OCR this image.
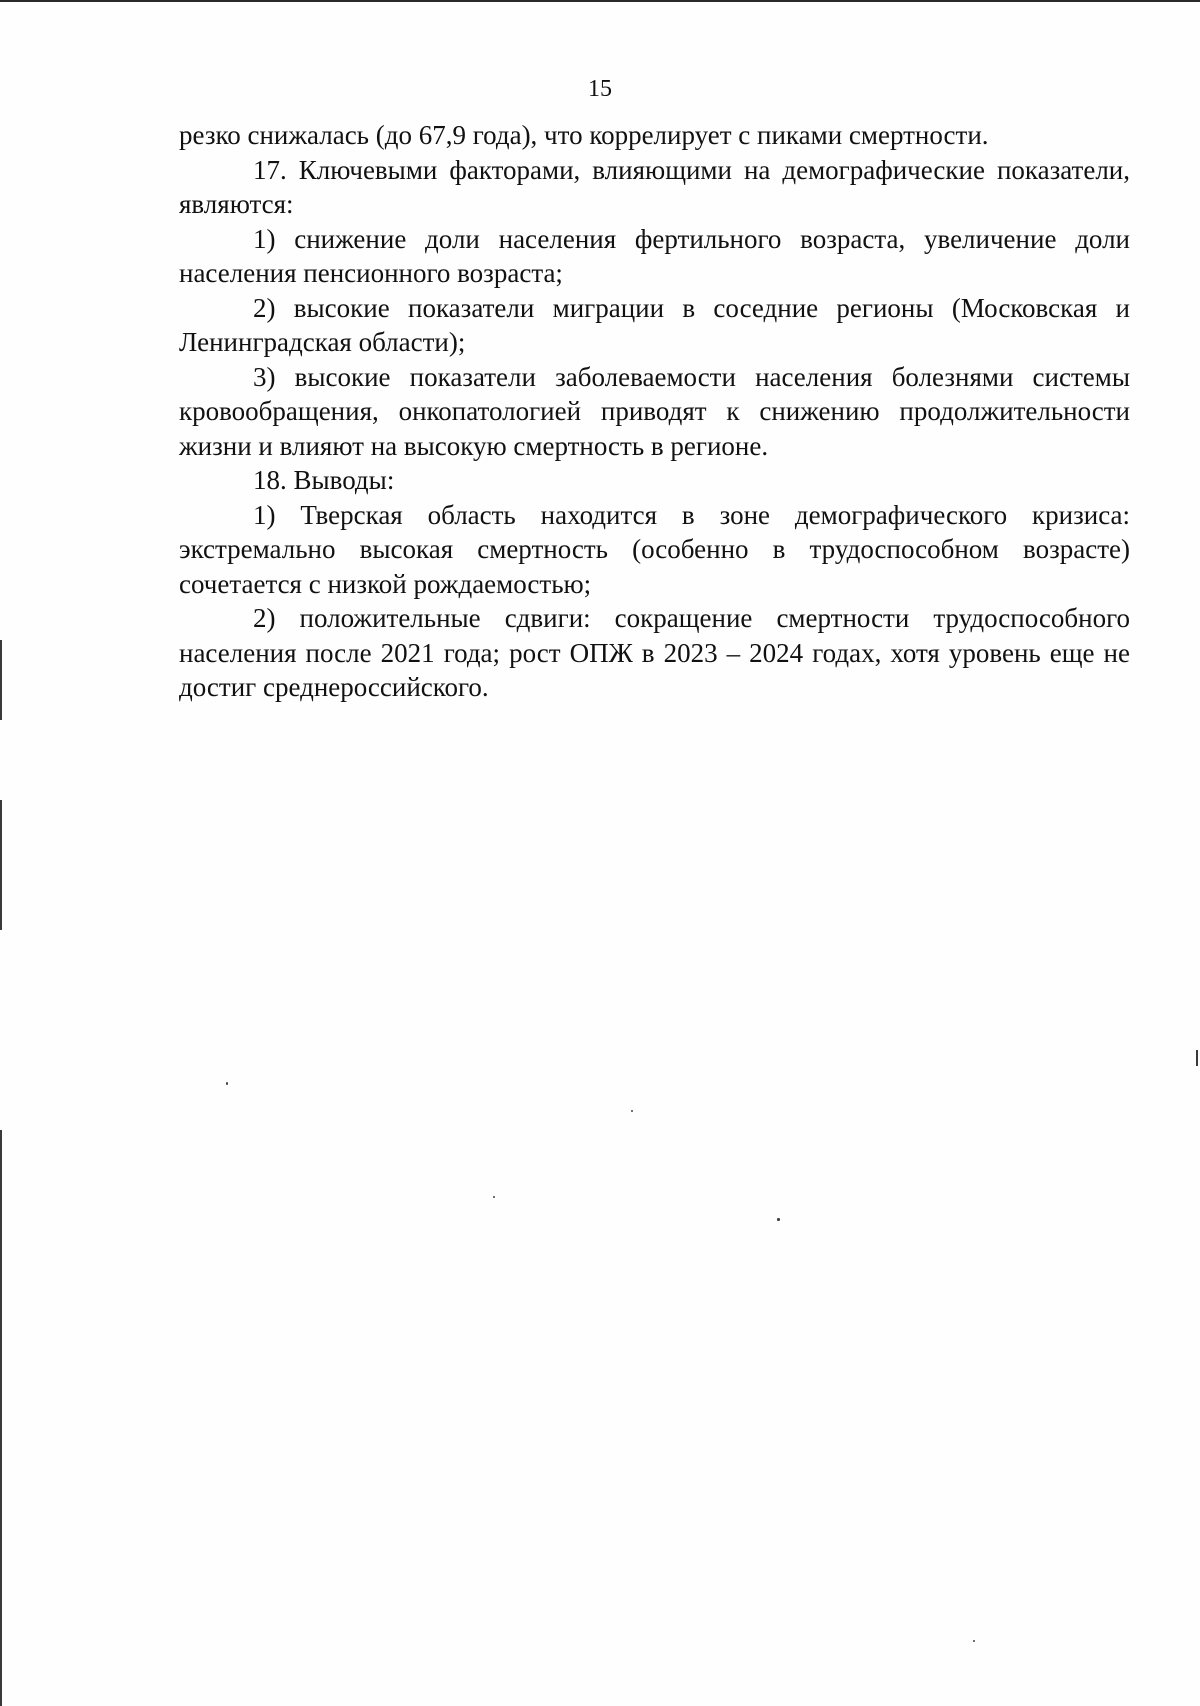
15

резко снижалась (до 67,9 года), что коррелирует с пиками смертности.

17. Ключевыми факторами, влияющими на демографические показатели, являются:

1) снижение доли населения фертильного возраста, увеличение доли населения пенсионного возраста;

2) высокие показатели миграции в соседние регионы (Московская и Ленинградская области);

3) высокие показатели заболеваемости населения болезнями системы кровообращения, онкопатологией приводят к снижению продолжительности жизни и влияют на высокую смертность в регионе.

18. Выводы:

1) Тверская область находится в зоне демографического кризиса: экстремально высокая смертность (особенно в трудоспособном возрасте) сочетается с низкой рождаемостью;

2) положительные сдвиги: сокращение смертности трудоспособного населения после 2021 года; рост ОПЖ в 2023 – 2024 годах, хотя уровень еще не достиг среднероссийского.
